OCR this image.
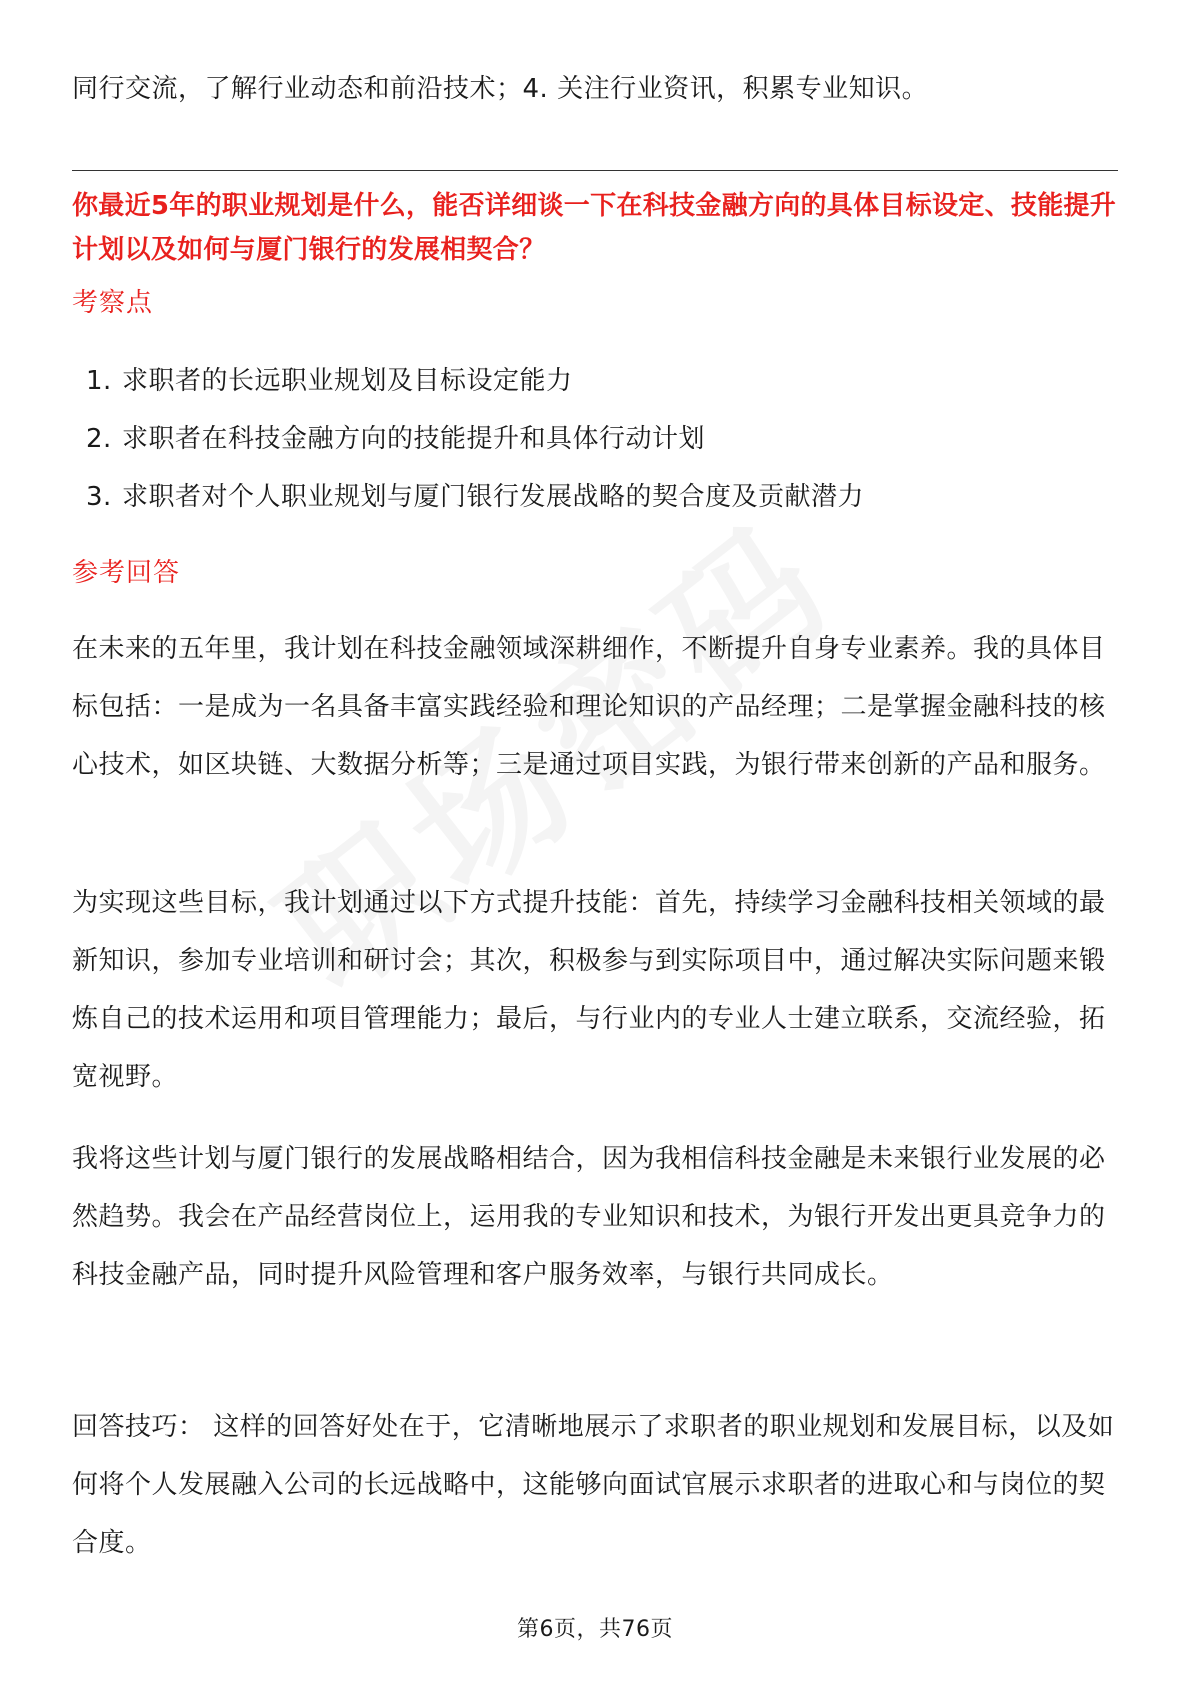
同行交流，了解行业动态和前沿技术；4. 关注行业资讯，积累专业知识。

你最近5年的职业规划是什么，能否详细谈一下在科技金融方向的具体目标设定、技能提升计划以及如何与厦门银行的发展相契合？

考察点

1. 求职者的长远职业规划及目标设定能力
2. 求职者在科技金融方向的技能提升和具体行动计划
3. 求职者对个人职业规划与厦门银行发展战略的契合度及贡献潜力

参考回答

在未来的五年里，我计划在科技金融领域深耕细作，不断提升自身专业素养。我的具体目标包括：一是成为一名具备丰富实践经验和理论知识的产品经理；二是掌握金融科技的核心技术，如区块链、大数据分析等；三是通过项目实践，为银行带来创新的产品和服务。

为实现这些目标，我计划通过以下方式提升技能：首先，持续学习金融科技相关领域的最新知识，参加专业培训和研讨会；其次，积极参与到实际项目中，通过解决实际问题来锻炼自己的技术运用和项目管理能力；最后，与行业内的专业人士建立联系，交流经验，拓宽视野。

我将这些计划与厦门银行的发展战略相结合，因为我相信科技金融是未来银行业发展的必然趋势。我会在产品经营岗位上，运用我的专业知识和技术，为银行开发出更具竞争力的科技金融产品，同时提升风险管理和客户服务效率，与银行共同成长。

回答技巧： 这样的回答好处在于，它清晰地展示了求职者的职业规划和发展目标，以及如何将个人发展融入公司的长远战略中，这能够向面试官展示求职者的进取心和与岗位的契合度。

第6页，共76页
